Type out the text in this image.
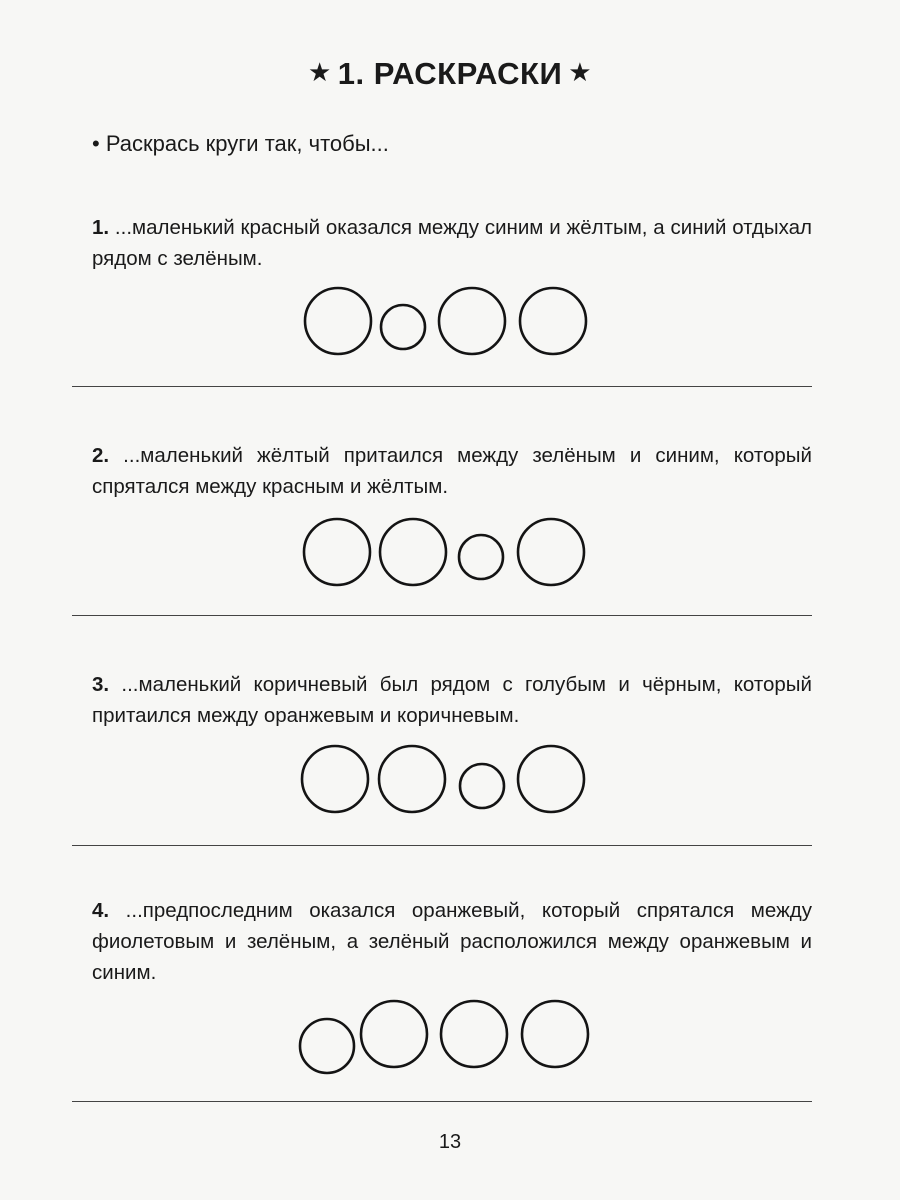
★ 1. РАСКРАСКИ ★
• Раскрась круги так, чтобы...
1. ...маленький красный оказался между синим и жёлтым, а синий отдыхал рядом с зелёным.
2. ...маленький жёлтый притаился между зелёным и синим, который спрятался между красным и жёлтым.
3. ...маленький коричневый был рядом с голубым и чёрным, который притаился между оранжевым и коричневым.
4. ...предпоследним оказался оранжевый, который спрятался между фиолетовым и зелёным, а зелёный расположился между оранжевым и синим.
13
